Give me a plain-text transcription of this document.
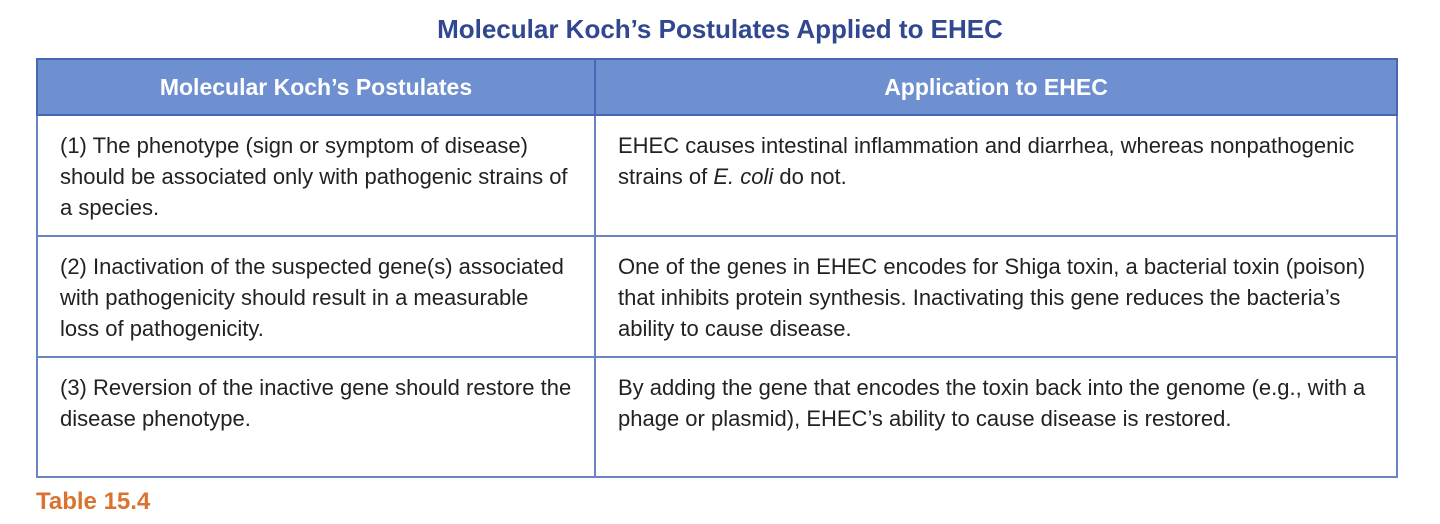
Molecular Koch’s Postulates Applied to EHEC
Molecular Koch’s Postulates	Application to EHEC
(1) The phenotype (sign or symptom of disease) should be associated only with pathogenic strains of a species.	EHEC causes intestinal inflammation and diarrhea, whereas nonpathogenic strains of E. coli do not.
(2) Inactivation of the suspected gene(s) associated with pathogenicity should result in a measurable loss of pathogenicity.	One of the genes in EHEC encodes for Shiga toxin, a bacterial toxin (poison) that inhibits protein synthesis. Inactivating this gene reduces the bacteria’s ability to cause disease.
(3) Reversion of the inactive gene should restore the disease phenotype.	By adding the gene that encodes the toxin back into the genome (e.g., with a phage or plasmid), EHEC’s ability to cause disease is restored.
Table 15.4
